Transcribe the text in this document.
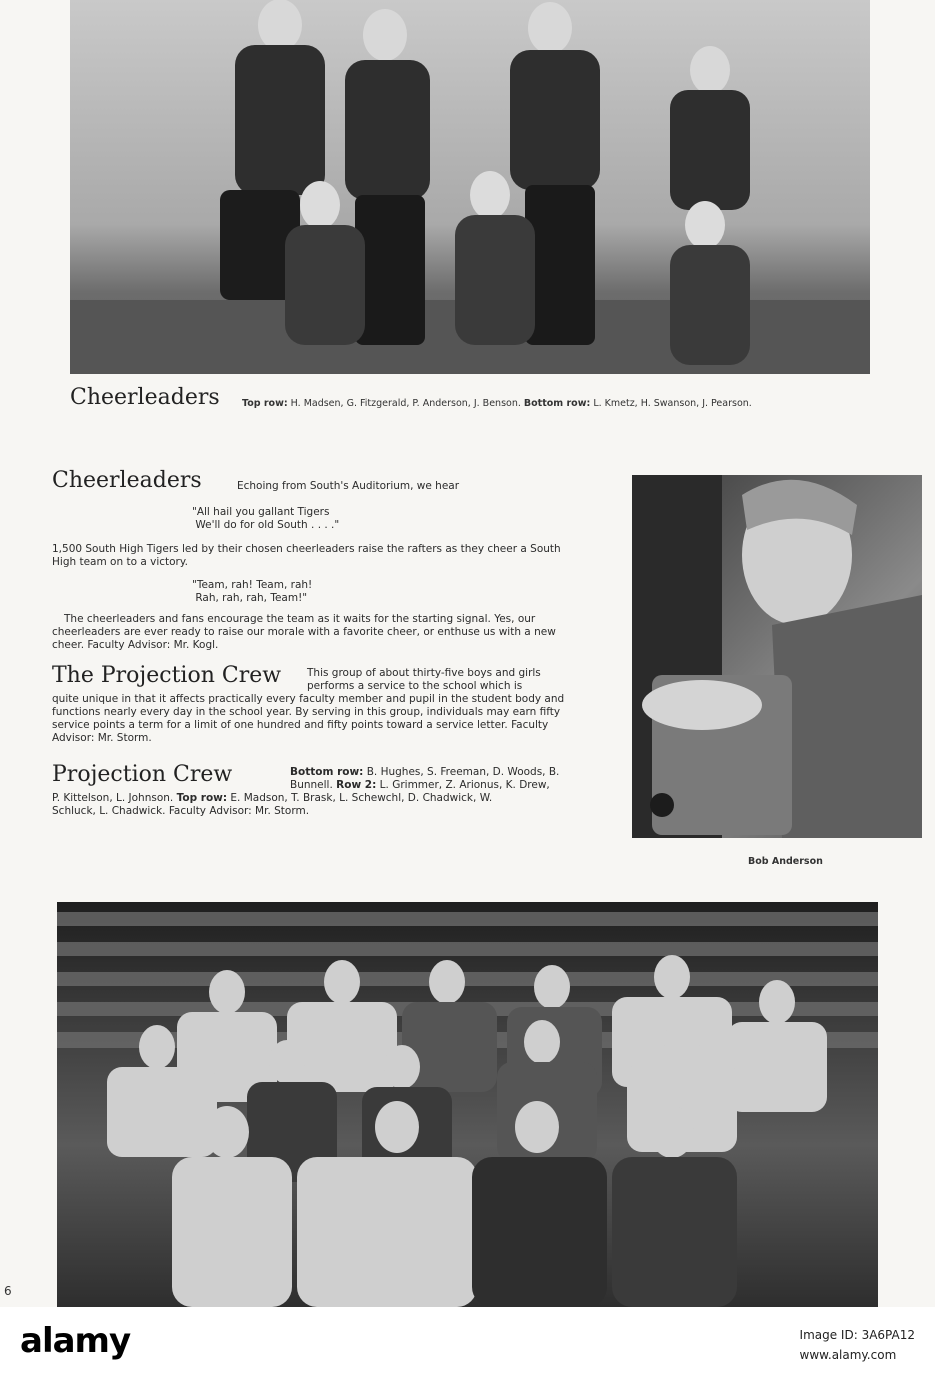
Cheerleaders Top row: H. Madsen, G. Fitzgerald, P. Anderson, J. Benson. Bottom row: L. Kmetz, H. Swanson, J. Pearson.
Cheerleaders	Echoing from South's Auditorium, we hear
"All hail you gallant Tigers
We'll do for old South . . . ."
1,500 South High Tigers led by their chosen cheerleaders raise the rafters as they cheer a South High team on to a victory.
"Team, rah! Team, rah!
Rah, rah, rah, Team!"
The cheerleaders and fans encourage the team as it waits for the starting signal. Yes, our cheerleaders are ever ready to raise our morale with a favorite cheer, or enthuse us with a new cheer. Faculty Advisor: Mr. Kogl.
The Projection Crew This group of about thirty-five boys and girls
performs a service to the school which is
quite unique in that it affects practically every faculty member and pupil in the student body and functions nearly every day in the school year. By serving in this group, individuals may earn fifty service points a term for a limit of one hundred and fifty points toward a service letter. Faculty Advisor: Mr. Storm.
Projection Crew	Bottom row: B. Hughes, S. Freeman, D. Woods, B.
Bunnell. Row 2: L. Grimmer, Z. Arionus, K. Drew,
P. Kittelson, L. Johnson. Top row: E. Madson, T. Brask, L. Schewchl, D. Chadwick, W.
Schluck, L. Chadwick. Faculty Advisor: Mr. Storm.
Bob Anderson
6
alamy	Image ID: 3A6PA12
www.alamy.com
